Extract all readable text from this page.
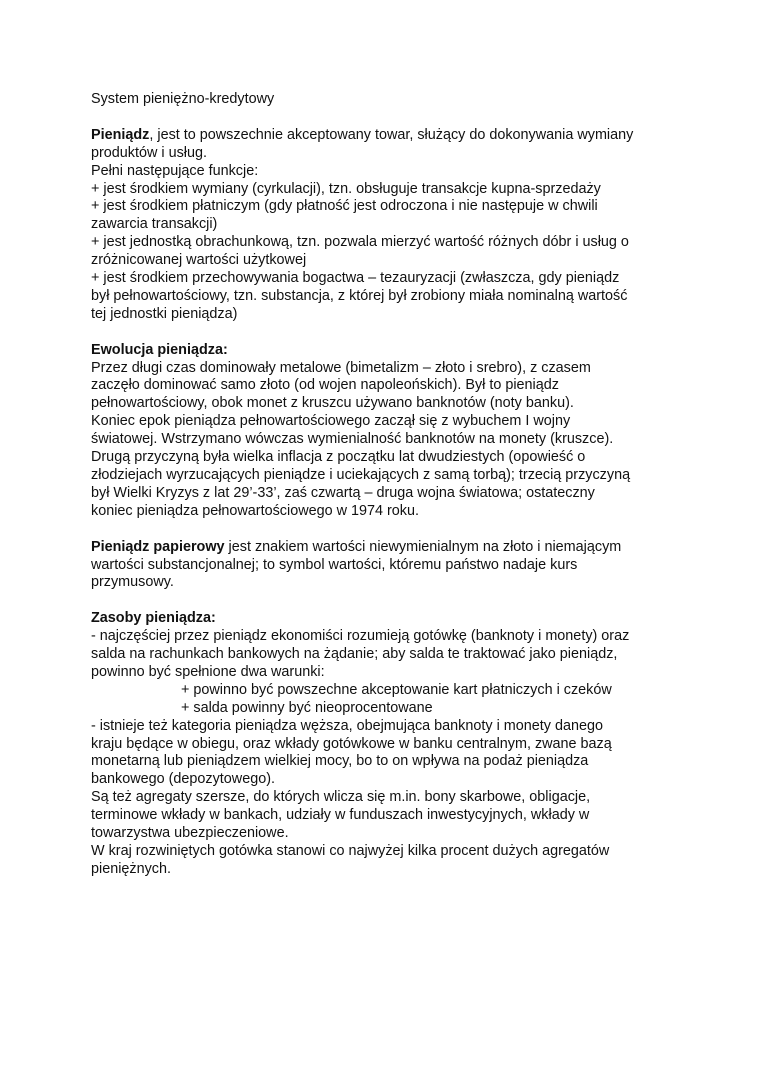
System pieniężno-kredytowy
Pieniądz, jest to powszechnie akceptowany towar, służący do dokonywania wymiany
produktów i usług.
Pełni następujące funkcje:
+ jest środkiem wymiany (cyrkulacji), tzn. obsługuje transakcje kupna-sprzedaży
+ jest środkiem płatniczym (gdy płatność jest odroczona i nie następuje w chwili
zawarcia transakcji)
+ jest jednostką obrachunkową, tzn. pozwala mierzyć wartość różnych dóbr i usług o
zróżnicowanej wartości użytkowej
+ jest środkiem przechowywania bogactwa – tezauryzacji (zwłaszcza, gdy pieniądz
był pełnowartościowy, tzn. substancja, z której był zrobiony miała nominalną wartość
tej jednostki pieniądza)
Ewolucja pieniądza:
Przez długi czas dominowały metalowe (bimetalizm – złoto i srebro), z czasem
zaczęło dominować samo złoto (od wojen napoleońskich). Był to pieniądz
pełnowartościowy, obok monet z kruszcu używano banknotów (noty banku).
Koniec epok pieniądza pełnowartościowego zaczął się z wybuchem I wojny
światowej. Wstrzymano wówczas wymienialność banknotów na monety (kruszce).
Drugą przyczyną była wielka inflacja z początku lat dwudziestych (opowieść o
złodziejach wyrzucających pieniądze i uciekających z samą torbą); trzecią przyczyną
był Wielki Kryzys z lat 29’-33’, zaś czwartą – druga wojna światowa; ostateczny
koniec pieniądza pełnowartościowego w 1974 roku.
Pieniądz papierowy jest znakiem wartości niewymienialnym na złoto i niemającym
wartości substancjonalnej; to symbol wartości, któremu państwo nadaje kurs
przymusowy.
Zasoby pieniądza:
- najczęściej przez pieniądz ekonomiści rozumieją gotówkę (banknoty i monety) oraz
salda na rachunkach bankowych na żądanie; aby salda te traktować jako pieniądz,
powinno być spełnione dwa warunki:
+ powinno być powszechne akceptowanie kart płatniczych i czeków
+ salda powinny być nieoprocentowane
- istnieje też kategoria pieniądza węższa, obejmująca banknoty i monety danego
kraju będące w obiegu, oraz wkłady gotówkowe w banku centralnym, zwane bazą
monetarną lub pieniądzem wielkiej mocy, bo to on wpływa na podaż pieniądza
bankowego (depozytowego).
Są też agregaty szersze, do których wlicza się m.in. bony skarbowe, obligacje,
terminowe wkłady w bankach, udziały w funduszach inwestycyjnych, wkłady w
towarzystwa ubezpieczeniowe.
W kraj rozwiniętych gotówka stanowi co najwyżej kilka procent dużych agregatów
pieniężnych.
